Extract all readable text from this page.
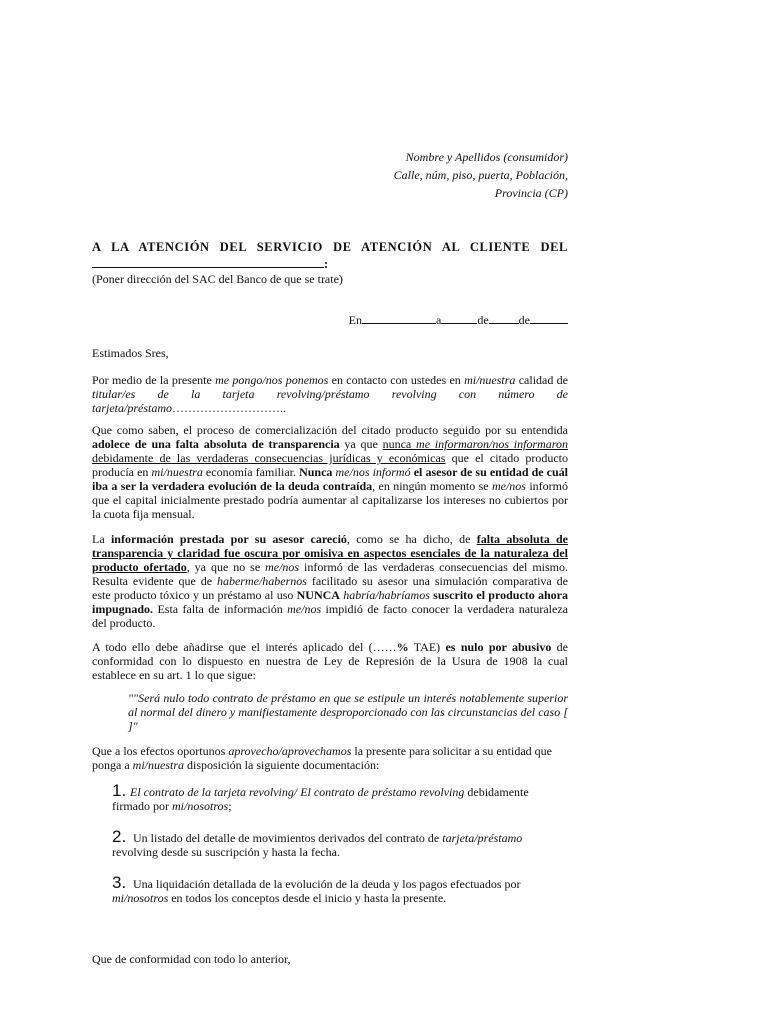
Nombre y Apellidos (consumidor)
Calle, núm, piso, puerta, Población,
Provincia (CP)
A LA ATENCIÓN DEL SERVICIO DE ATENCIÓN AL CLIENTE DEL
:
(Poner dirección del SAC del Banco de que se trate)
En	a	de	de
Estimados Sres,
Por medio de la presente me pongo/nos ponemos en contacto con ustedes en mi/nuestra calidad de titular/es de la tarjeta revolving/préstamo revolving con número de tarjeta/préstamo………………………..
Que como saben, el proceso de comercialización del citado producto seguido por su entendida adolece de una falta absoluta de transparencia ya que nunca me informaron/nos informaron debidamente de las verdaderas consecuencias jurídicas y económicas que el citado producto producía en mi/nuestra economía familiar. Nunca me/nos informó el asesor de su entidad de cuál iba a ser la verdadera evolución de la deuda contraída, en ningún momento se me/nos informó que el capital inicialmente prestado podría aumentar al capitalizarse los intereses no cubiertos por la cuota fija mensual.
La información prestada por su asesor careció, como se ha dicho, de falta absoluta de transparencia y claridad fue oscura por omisiva en aspectos esenciales de la naturaleza del producto ofertado, ya que no se me/nos informó de las verdaderas consecuencias del mismo. Resulta evidente que de haberme/habernos facilitado su asesor una simulación comparativa de este producto tóxico y un préstamo al uso NUNCA habría/habríamos suscrito el producto ahora impugnado. Esta falta de información me/nos impidió de facto conocer la verdadera naturaleza del producto.
A todo ello debe añadirse que el interés aplicado del (……% TAE) es nulo por abusivo de conformidad con lo dispuesto en nuestra de Ley de Represión de la Usura de 1908 la cual establece en su art. 1 lo que sigue:
""Será nulo todo contrato de préstamo en que se estipule un interés notablemente superior al normal del dinero y manifiestamente desproporcionado con las circunstancias del caso [ ]"
Que a los efectos oportunos aprovecho/aprovechamos la presente para solicitar a su entidad que ponga a mi/nuestra disposición la siguiente documentación:
1. El contrato de la tarjeta revolving/ El contrato de préstamo revolving debidamente firmado por mi/nosotros;
2. Un listado del detalle de movimientos derivados del contrato de tarjeta/préstamo revolving desde su suscripción y hasta la fecha.
3. Una liquidación detallada de la evolución de la deuda y los pagos efectuados por mi/nosotros en todos los conceptos desde el inicio y hasta la presente.
Que de conformidad con todo lo anterior,
